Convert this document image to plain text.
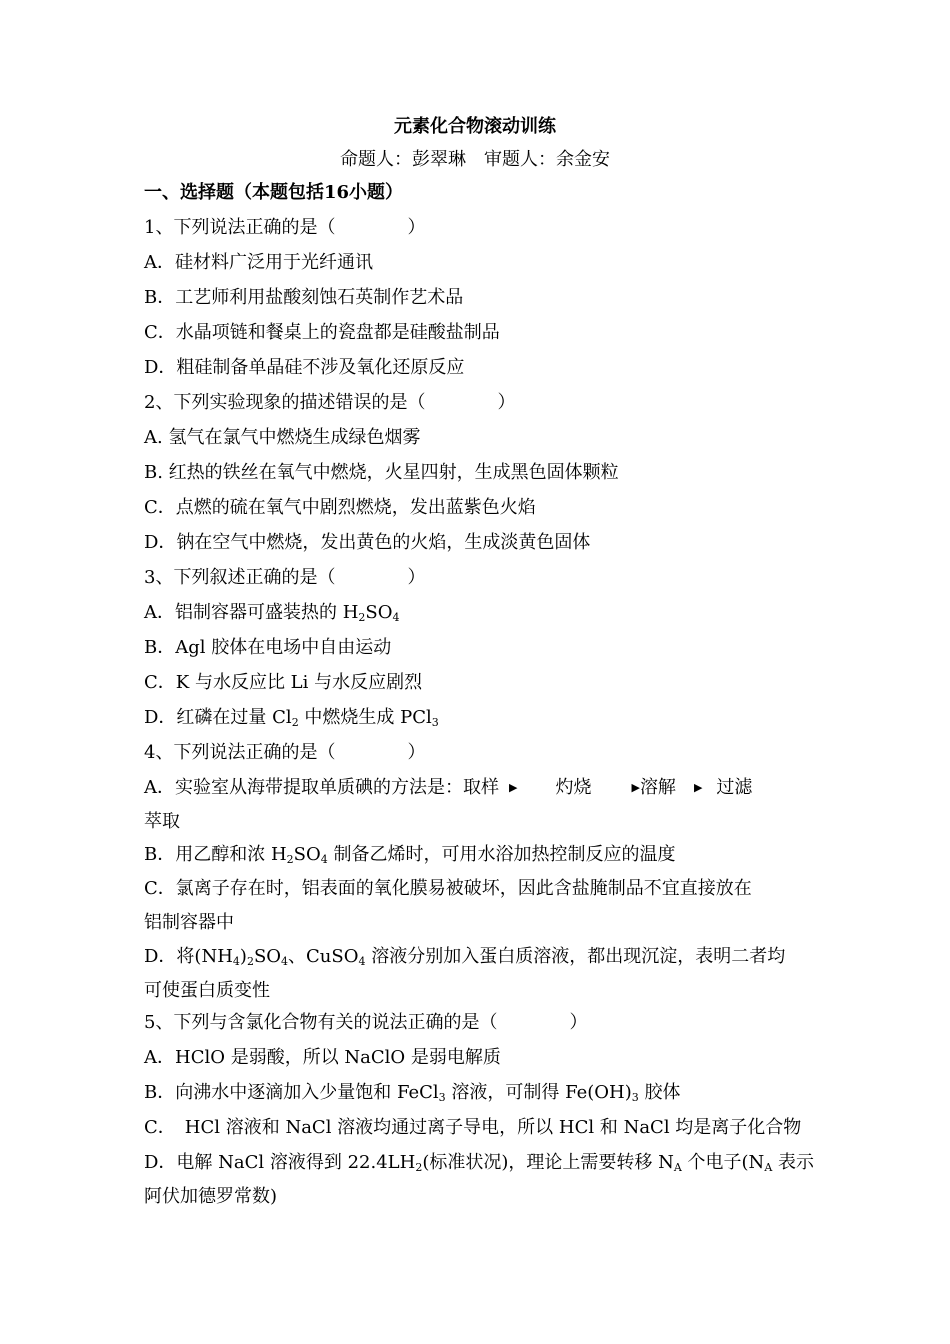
元素化合物滚动训练
命题人：彭翠琳　审题人：余金安
一、选择题（本题包括16小题）
1、下列说法正确的是（　　　　）
A．硅材料广泛用于光纤通讯
B．工艺师利用盐酸刻蚀石英制作艺术品
C．水晶项链和餐桌上的瓷盘都是硅酸盐制品
D．粗硅制备单晶硅不涉及氧化还原反应
2、下列实验现象的描述错误的是（　　　　）
A. 氢气在氯气中燃烧生成绿色烟雾
B. 红热的铁丝在氧气中燃烧，火星四射，生成黑色固体颗粒
C．点燃的硫在氧气中剧烈燃烧，发出蓝紫色火焰
D．钠在空气中燃烧，发出黄色的火焰，生成淡黄色固体
3、下列叙述正确的是（　　　　）
A．铝制容器可盛装热的 $H_2SO_4$
B．Agl 胶体在电场中自由运动
C．K 与水反应比 Li 与水反应剧烈
D．红磷在过量 $Cl_2$ 中燃烧生成 PCl$_3$
4、下列说法正确的是（　　　　）
A．实验室从海带提取单质碘的方法是：取样 ▶ 灼烧	▶溶解 ▶ 过滤
萃取
B．用乙醇和浓 $H_2SO_4$ 制备乙烯时，可用水浴加热控制反应的温度
C．氯离子存在时，铝表面的氧化膜易被破坏，因此含盐腌制品不宜直接放在
铝制容器中
D．将$(NH_4)_2SO_4$、CuSO$_4$ 溶液分别加入蛋白质溶液，都出现沉淀，表明二者均
可使蛋白质变性
5、下列与含氯化合物有关的说法正确的是（　　　　）
A．HClO 是弱酸，所以 NaClO 是弱电解质
B．向沸水中逐滴加入少量饱和 FeCl$_3$ 溶液，可制得 $Fe(OH)_3$ 胶体
C．　HCl 溶液和 NaCl 溶液均通过离子导电，所以 HCl 和 NaCl 均是离子化合物
D．电解 NaCl 溶液得到 $22.4LH_2$(标准状况)，理论上需要转移 $N_A$ 个电子($N_A$ 表示
阿伏加德罗常数)
